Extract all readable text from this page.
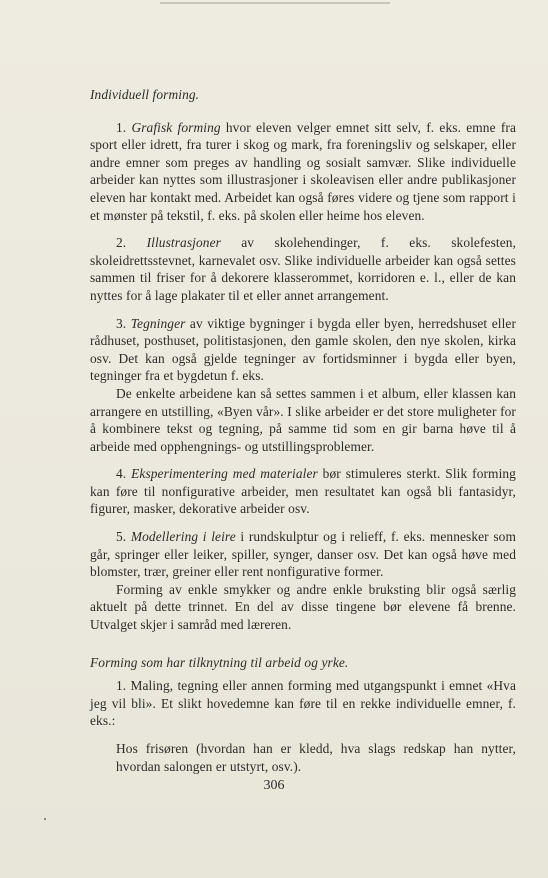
Individuell forming.

1. Grafisk forming hvor eleven velger emnet sitt selv, f. eks. emne fra sport eller idrett, fra turer i skog og mark, fra foreningsliv og selskaper, eller andre emner som preges av handling og sosialt samvær. Slike individuelle arbeider kan nyttes som illustrasjoner i skoleavisen eller andre publikasjoner eleven har kontakt med. Arbeidet kan også føres videre og tjene som rapport i et mønster på tekstil, f. eks. på skolen eller heime hos eleven.

2. Illustrasjoner av skolehendinger, f. eks. skolefesten, skoleidrettsstevnet, karnevalet osv. Slike individuelle arbeider kan også settes sammen til friser for å dekorere klasserommet, korridoren e. l., eller de kan nyttes for å lage plakater til et eller annet arrangement.

3. Tegninger av viktige bygninger i bygda eller byen, herredshuset eller rådhuset, posthuset, politistasjonen, den gamle skolen, den nye skolen, kirka osv. Det kan også gjelde tegninger av fortidsminner i bygda eller byen, tegninger fra et bygdetun f. eks.

De enkelte arbeidene kan så settes sammen i et album, eller klassen kan arrangere en utstilling, «Byen vår». I slike arbeider er det store muligheter for å kombinere tekst og tegning, på samme tid som en gir barna høve til å arbeide med opphengnings- og utstillingsproblemer.

4. Eksperimentering med materialer bør stimuleres sterkt. Slik forming kan føre til nonfigurative arbeider, men resultatet kan også bli fantasidyr, figurer, masker, dekorative arbeider osv.

5. Modellering i leire i rundskulptur og i relieff, f. eks. mennesker som går, springer eller leiker, spiller, synger, danser osv. Det kan også høve med blomster, trær, greiner eller rent nonfigurative former.

Forming av enkle smykker og andre enkle bruksting blir også særlig aktuelt på dette trinnet. En del av disse tingene bør elevene få brenne. Utvalget skjer i samråd med læreren.

Forming som har tilknytning til arbeid og yrke.

1. Maling, tegning eller annen forming med utgangspunkt i emnet «Hva jeg vil bli». Et slikt hovedemne kan føre til en rekke individuelle emner, f. eks.:

Hos frisøren (hvordan han er kledd, hva slags redskap han nytter, hvordan salongen er utstyrt, osv.).

306
